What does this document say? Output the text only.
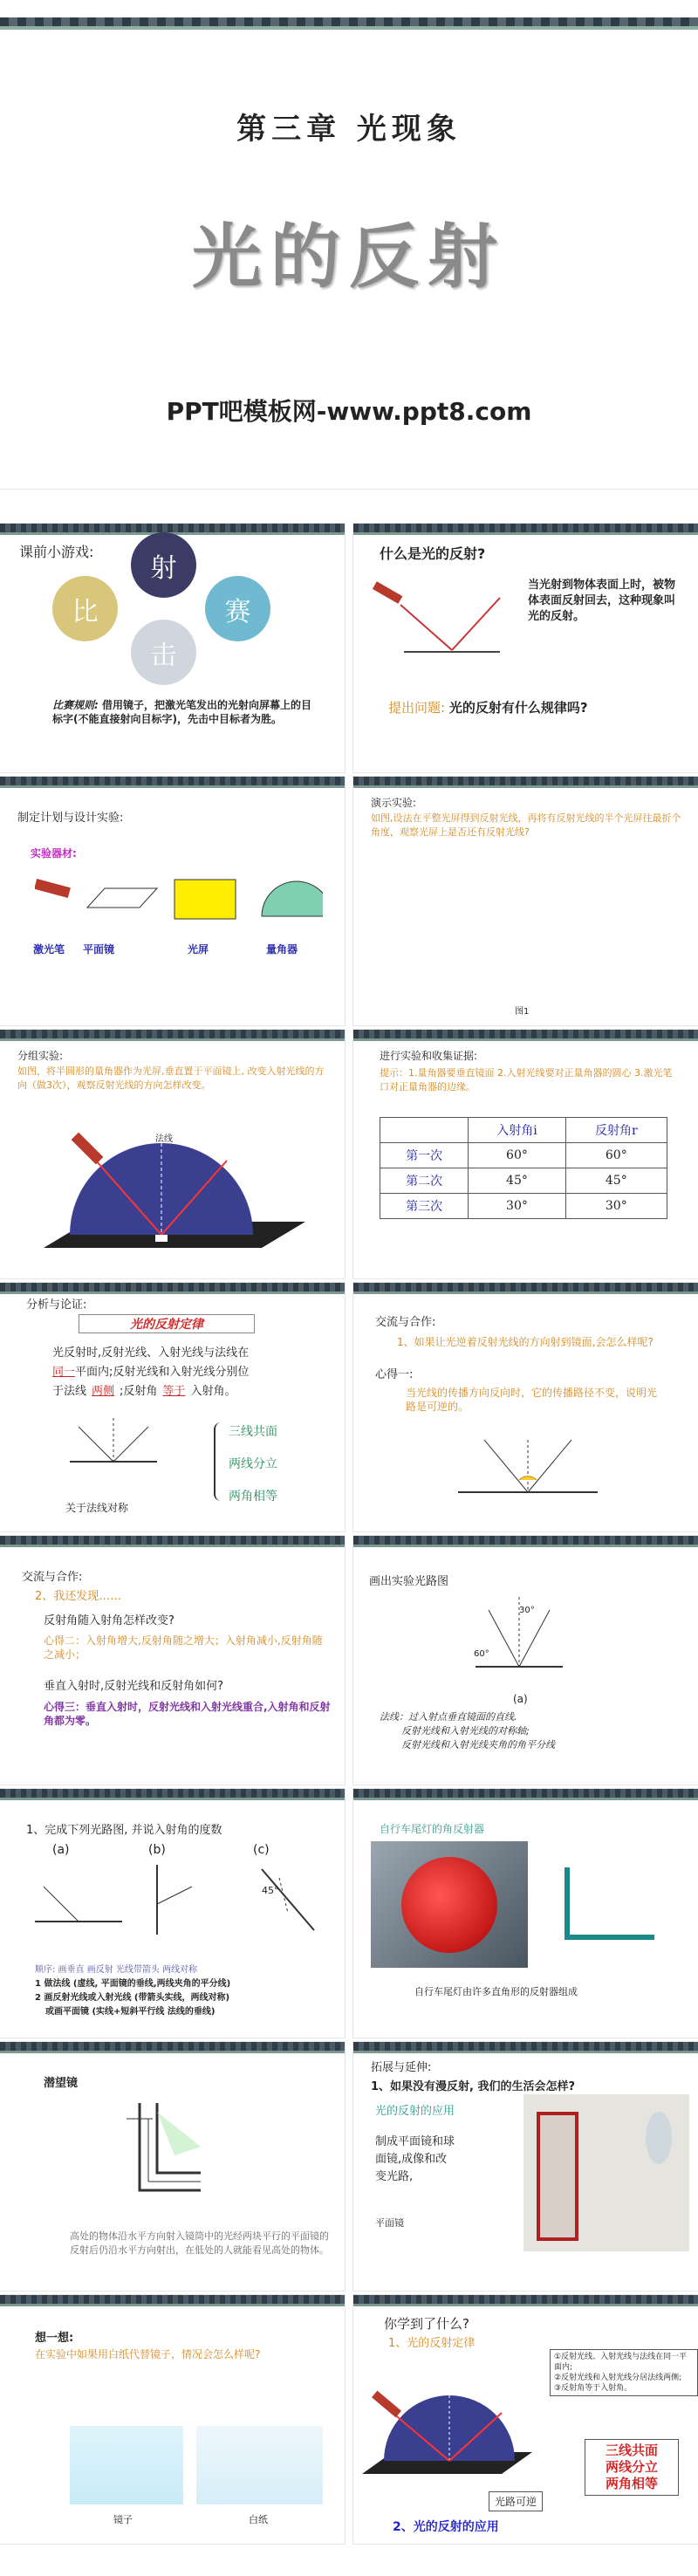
第三章 光现象
光的反射
PPT吧模板网-www.ppt8.com
课前小游戏:
射
比	赛
击
比赛规则: 借用镜子，把激光笔发出的光射向屏幕上的目标字(不能直接射向目标字)，先击中目标者为胜。
什么是光的反射?
当光射到物体表面上时，被物体表面反射回去，这种现象叫光的反射。
提出问题: 光的反射有什么规律吗?
制定计划与设计实验:
实验器材:
激光笔 平面镜	光屏	量角器
演示实验:
如图,设法在平整光屏得到反射光线，再将有反射光线的半个光屏往最折个角度，观察光屏上是否还有反射光线?
图1
分组实验:
如图，将半圆形的量角器作为光屏,垂直置于平面镜上, 改变入射光线的方向（做3次），观察反射光线的方向怎样改变。
法线
进行实验和收集证据:
提示：1.量角器要垂直镜面 2.入射光线要对正量角器的圆心 3.激光笔口对正量角器的边缘。
	入射角i	反射角r
第一次	60°	60°
第二次	45°	45°
第三次	30°	30°
分析与论证:
光的反射定律
光反射时,反射光线、入射光线与法线在
同一平面内;反射光线和入射光线分别位
于法线 两侧 ;反射角 等于 入射角。
关于法线对称
三线共面
两线分立
两角相等
交流与合作:
1、如果让光逆着反射光线的方向射到镜面,会怎么样呢?
心得一:
当光线的传播方向反向时，它的传播路径不变，说明光路是可逆的。
交流与合作:
2、我还发现……
反射角随入射角怎样改变?
心得二：入射角增大,反射角随之增大；入射角减小,反射角随之减小；
垂直入射时,反射光线和反射角如何?
心得三：垂直入射时，反射光线和入射光线重合,入射角和反射角都为零。
画出实验光路图
30°
60°
(a)
法线：过入射点垂直镜面的直线.
反射光线和入射光线的对称轴;
反射光线和入射光线夹角的角平分线
1、完成下列光路图, 并说入射角的度数
(a)	(b)	(c)
45°
顺序: 画垂直 画反射 光线带箭头 两线对称
1 做法线 (虚线, 平面镜的垂线,两线夹角的平分线)
2 画反射光线或入射光线 (带箭头实线，两线对称)
或画平面镜 (实线+短斜平行线 法线的垂线)
自行车尾灯的角反射器
自行车尾灯由许多直角形的反射器组成
潜望镜
高处的物体沿水平方向射入镜筒中的光经两块平行的平面镜的反射后仍沿水平方向射出，在低处的人就能看见高处的物体。
拓展与延伸:
1、如果没有漫反射, 我们的生活会怎样?
光的反射的应用
制成平面镜和球面镜,成像和改变光路,
平面镜
想一想:
在实验中如果用白纸代替镜子，情况会怎么样呢?
镜子	白纸
你学到了什么?
1、光的反射定律
①反射光线、入射光线与法线在同一平面内;
②反射光线和入射光线分居法线两侧;
③反射角等于入射角。
三线共面
两线分立
两角相等
光路可逆
2、光的反射的应用
